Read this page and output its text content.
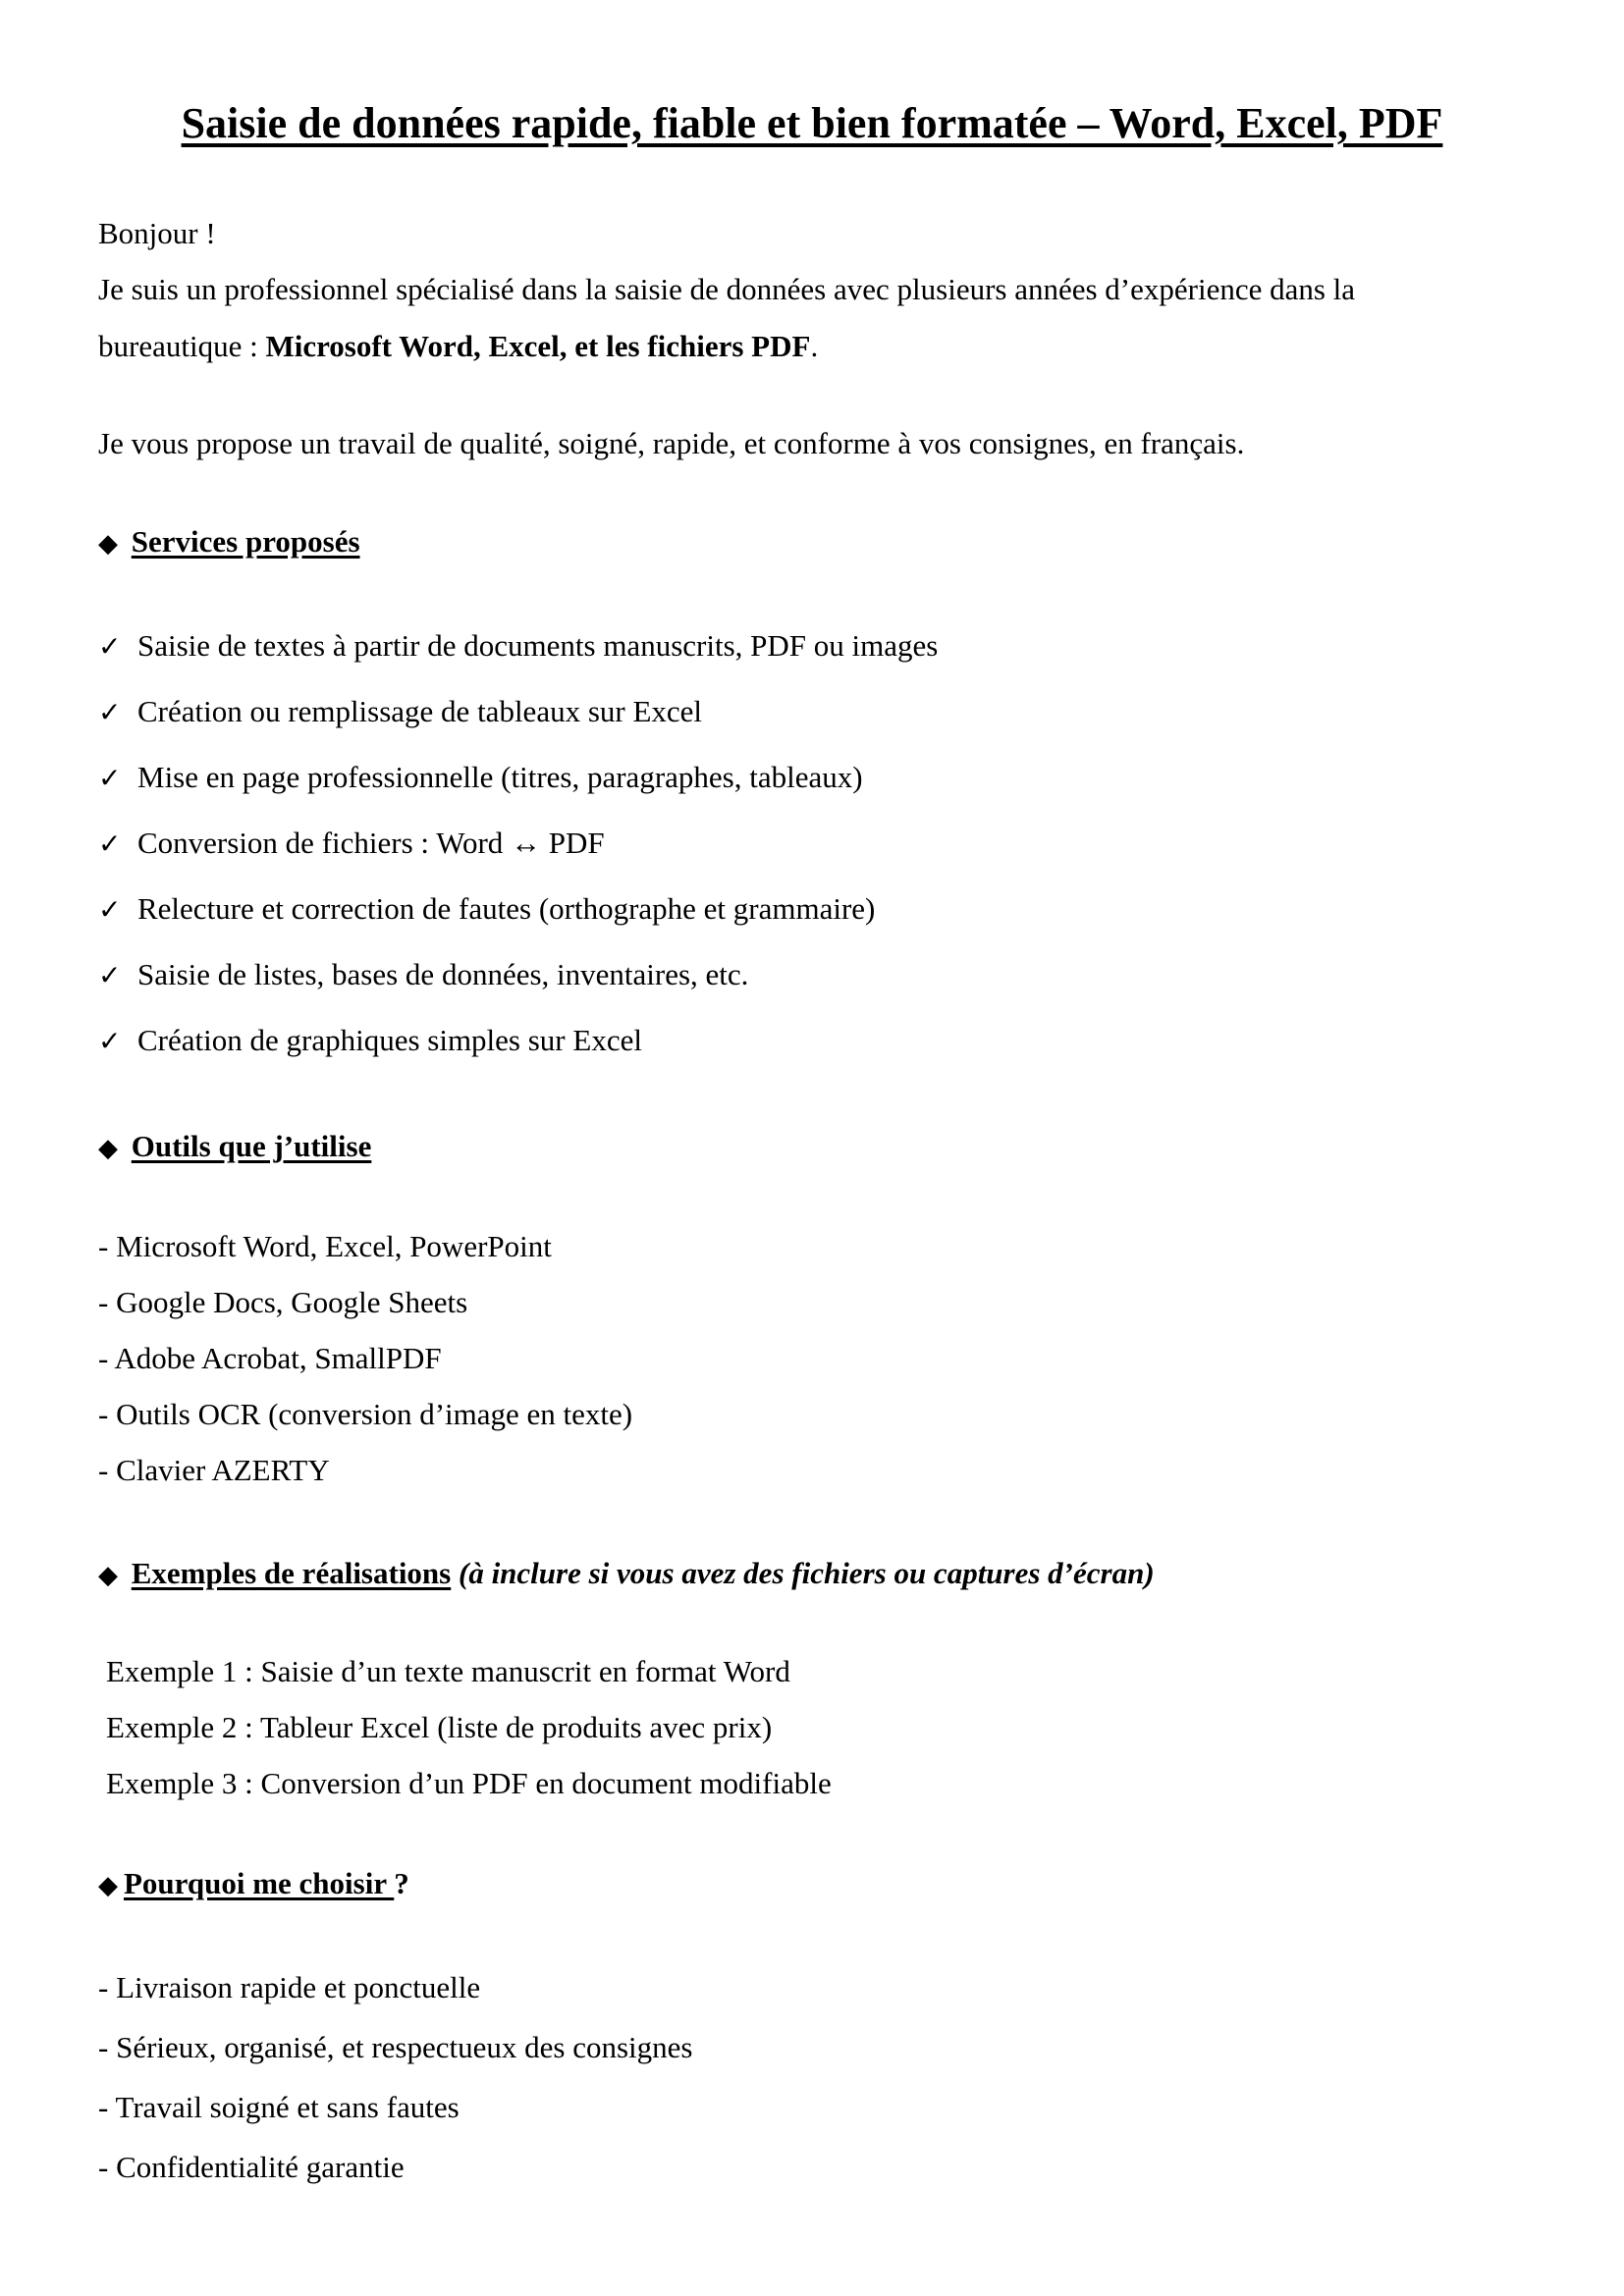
Saisie de données rapide, fiable et bien formatée – Word, Excel, PDF
Bonjour !
Je suis un professionnel spécialisé dans la saisie de données avec plusieurs années d’expérience dans la
bureautique : Microsoft Word, Excel, et les fichiers PDF.
Je vous propose un travail de qualité, soigné, rapide, et conforme à vos consignes, en français.
◆ Services proposés
✓ Saisie de textes à partir de documents manuscrits, PDF ou images
✓ Création ou remplissage de tableaux sur Excel
✓ Mise en page professionnelle (titres, paragraphes, tableaux)
✓ Conversion de fichiers : Word ↔ PDF
✓ Relecture et correction de fautes (orthographe et grammaire)
✓ Saisie de listes, bases de données, inventaires, etc.
✓ Création de graphiques simples sur Excel
◆ Outils que j’utilise
- Microsoft Word, Excel, PowerPoint
- Google Docs, Google Sheets
- Adobe Acrobat, SmallPDF
- Outils OCR (conversion d’image en texte)
- Clavier AZERTY
◆ Exemples de réalisations (à inclure si vous avez des fichiers ou captures d’écran)
Exemple 1 : Saisie d’un texte manuscrit en format Word
Exemple 2 : Tableur Excel (liste de produits avec prix)
Exemple 3 : Conversion d’un PDF en document modifiable
◆ Pourquoi me choisir ?
- Livraison rapide et ponctuelle
- Sérieux, organisé, et respectueux des consignes
- Travail soigné et sans fautes
- Confidentialité garantie
